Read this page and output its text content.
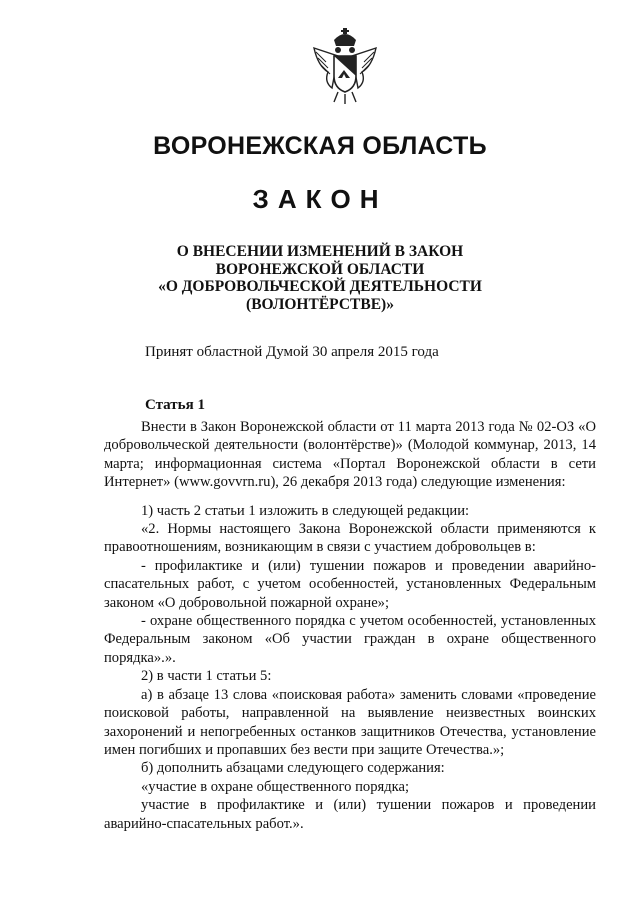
ВОРОНЕЖСКАЯ ОБЛАСТЬ
ЗАКОН
О ВНЕСЕНИИ ИЗМЕНЕНИЙ В ЗАКОН
ВОРОНЕЖСКОЙ ОБЛАСТИ
«О ДОБРОВОЛЬЧЕСКОЙ ДЕЯТЕЛЬНОСТИ
(ВОЛОНТЁРСТВЕ)»
Принят областной Думой 30 апреля 2015 года
Статья 1

Внести в Закон Воронежской области от 11 марта 2013 года № 02-ОЗ «О добровольческой деятельности (волонтёрстве)» (Молодой коммунар, 2013, 14 марта; информационная система «Портал Воронежской области в сети Интернет» (www.govvrn.ru), 26 декабря 2013 года) следующие изменения:

1) часть 2 статьи 1 изложить в следующей редакции:

«2. Нормы настоящего Закона Воронежской области применяются к правоотношениям, возникающим в связи с участием добровольцев в:

- профилактике и (или) тушении пожаров и проведении аварийно-спасательных работ, с учетом особенностей, установленных Федеральным законом «О добровольной пожарной охране»;

- охране общественного порядка с учетом особенностей, установленных Федеральным законом «Об участии граждан в охране общественного порядка».».

2) в части 1 статьи 5:

а) в абзаце 13 слова «поисковая работа» заменить словами «проведение поисковой работы, направленной на выявление неизвестных воинских захоронений и непогребенных останков защитников Отечества, установление имен погибших и пропавших без вести при защите Отечества.»;

б) дополнить абзацами следующего содержания:

«участие в охране общественного порядка;

участие в профилактике и (или) тушении пожаров и проведении аварийно-спасательных работ.».
